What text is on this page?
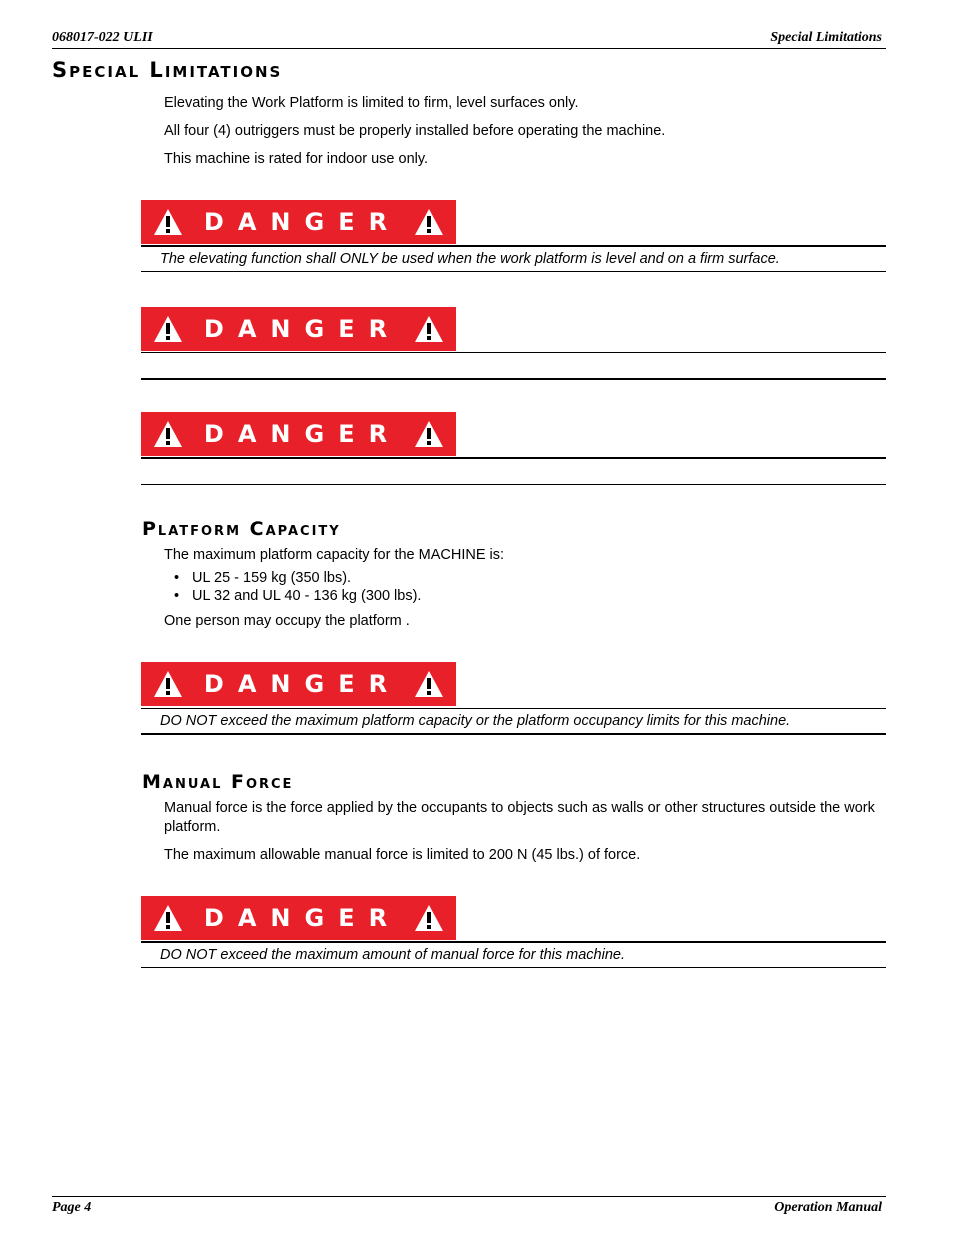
068017-022 ULII	Special Limitations
Special Limitations
Elevating the Work Platform is limited to firm, level surfaces only.
All four (4) outriggers must be properly installed before operating the machine.
This machine is rated for indoor use only.
DANGER
The elevating function shall ONLY be used when the work platform is level and on a firm surface.
DANGER
DANGER
Platform Capacity
The maximum platform capacity for the MACHINE is:
• UL 25 - 159 kg (350 lbs).
• UL 32 and UL 40 - 136 kg (300 lbs).
One person may occupy the platform .
DANGER
DO NOT exceed the maximum platform capacity or the platform occupancy limits for this machine.
Manual Force
Manual force is the force applied by the occupants to objects such as walls or other structures outside the work platform.
The maximum allowable manual force is limited to 200 N (45 lbs.) of force.
DANGER
DO NOT exceed the maximum amount of manual force for this machine.
Page 4	Operation Manual
